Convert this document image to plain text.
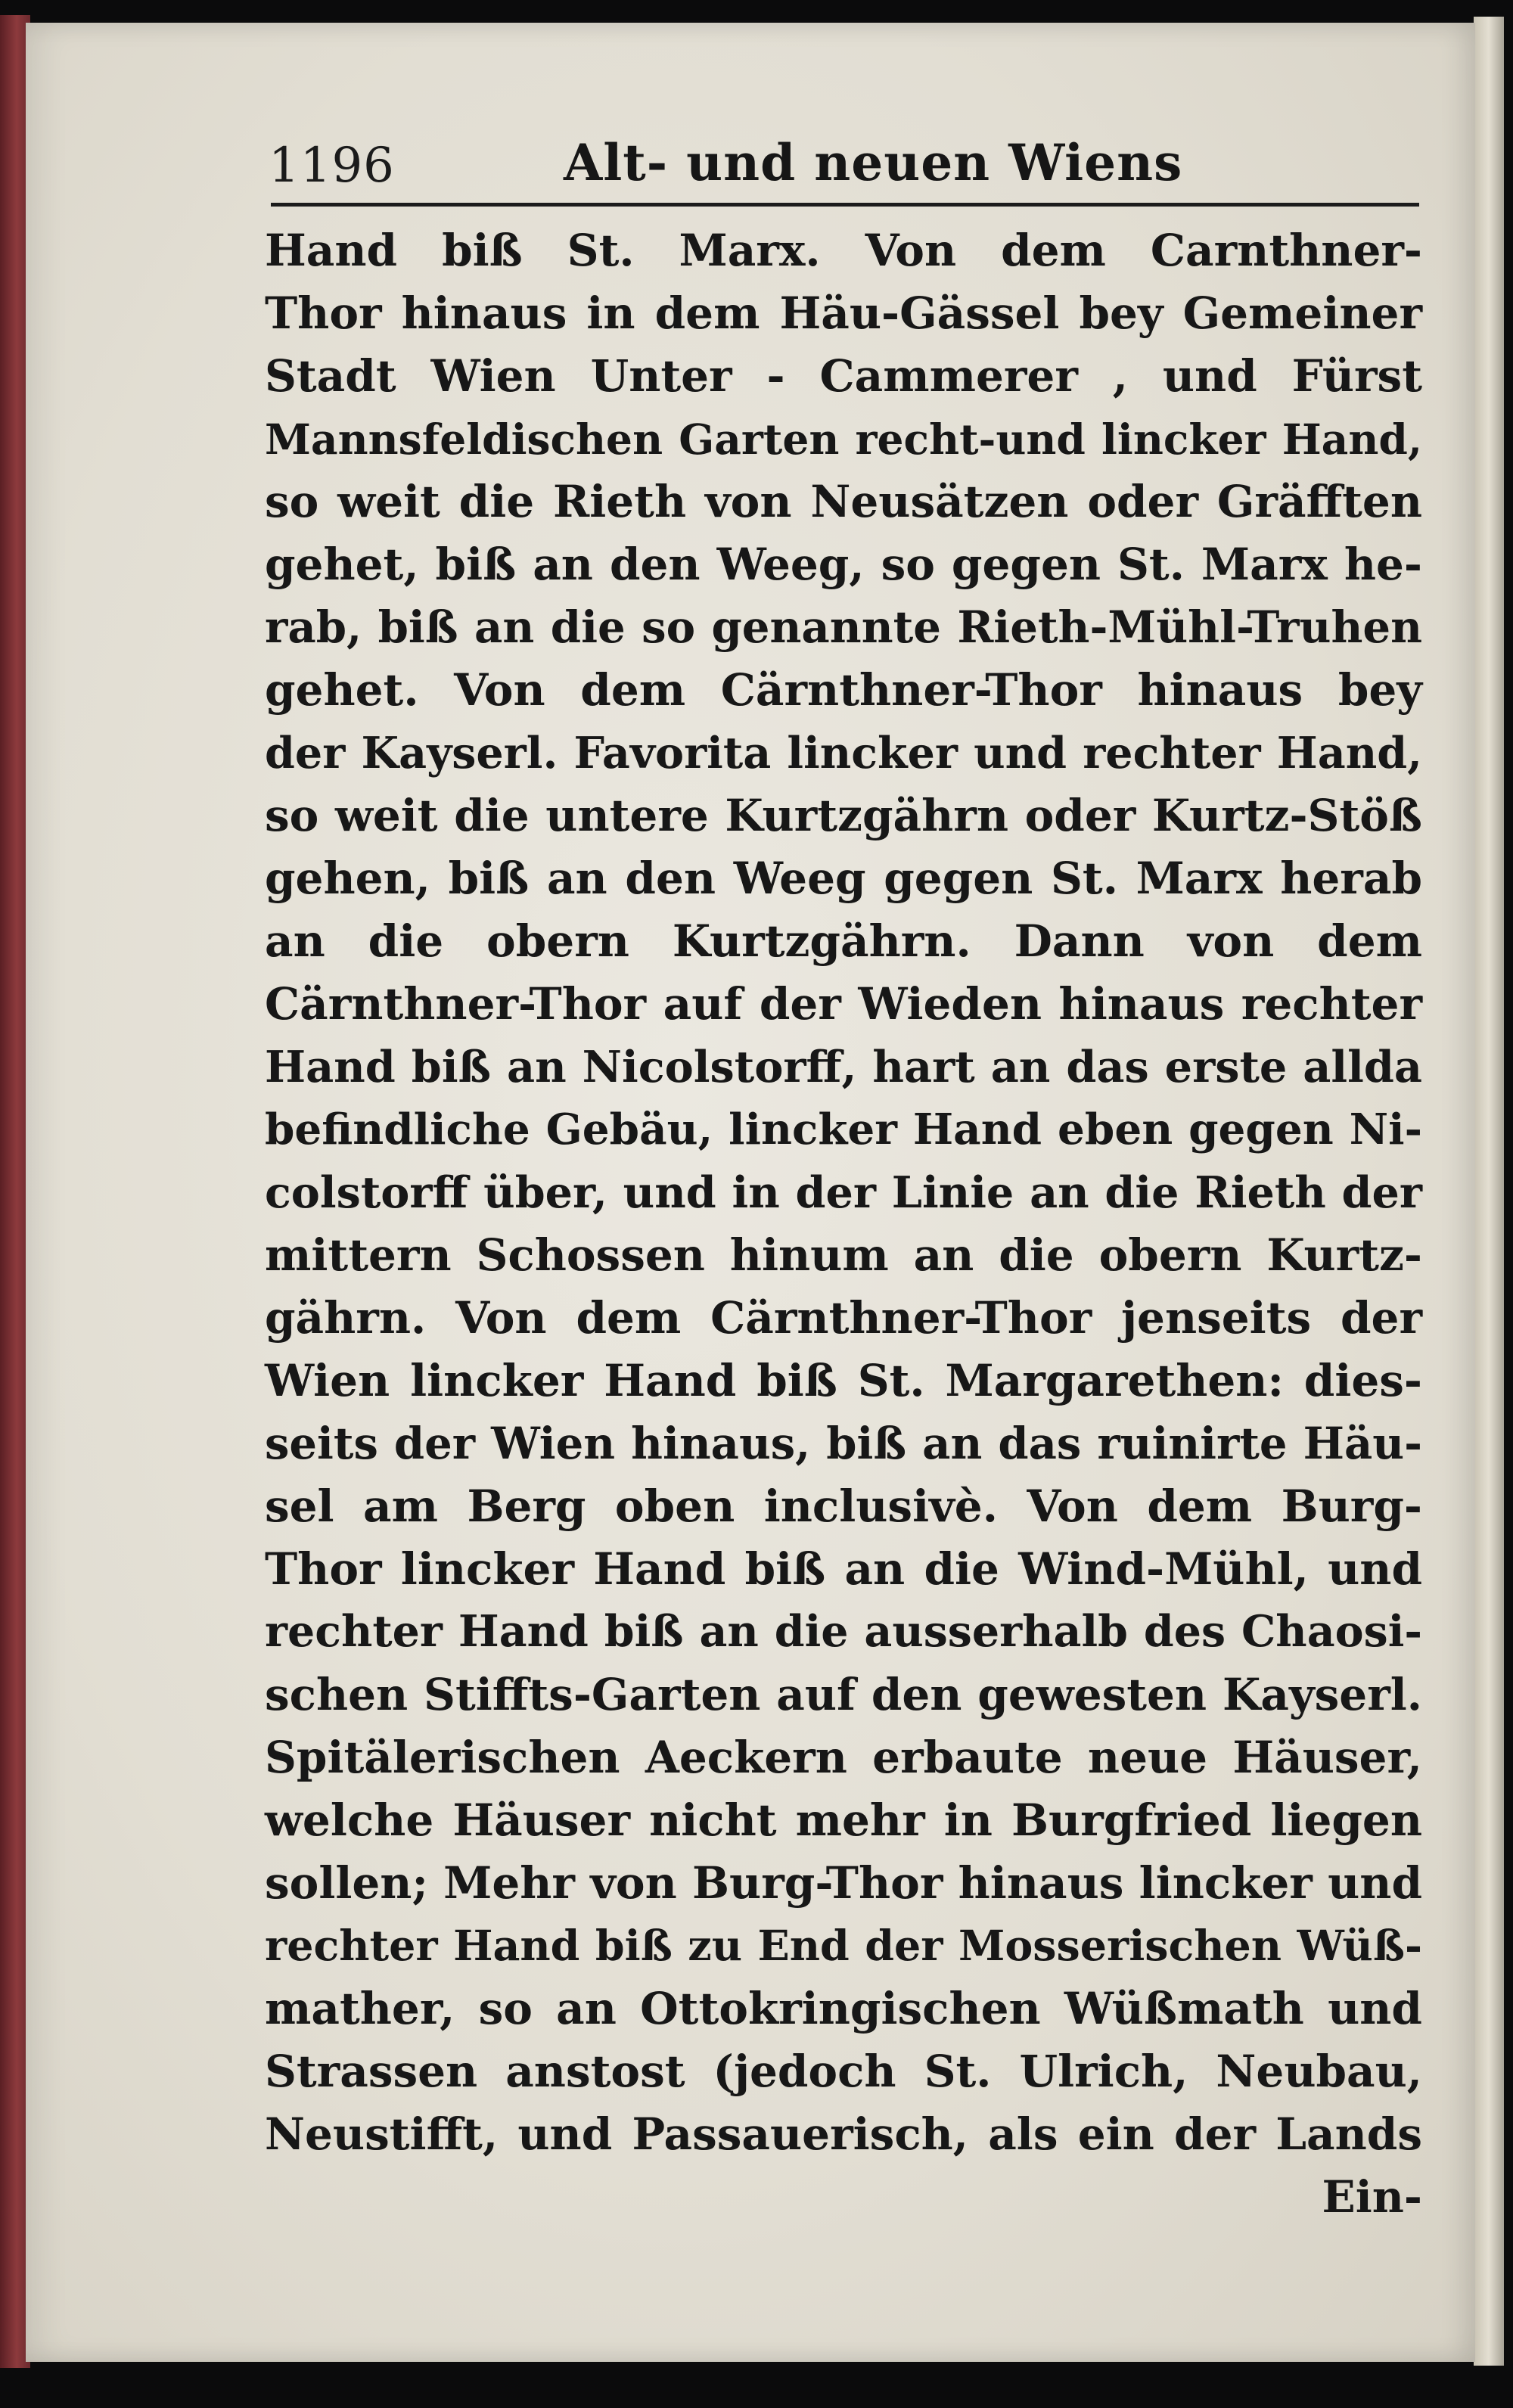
1196	Alt- und neuen Wiens
Hand biß St. Marx. Von dem Carnthner-
Thor hinaus in dem Häu-Gässel bey Gemeiner
Stadt Wien Unter - Cammerer , und Fürst
Mannsfeldischen Garten recht-und lincker Hand,
so weit die Rieth von Neusätzen oder Gräfften
gehet, biß an den Weeg, so gegen St. Marx he-
rab, biß an die so genannte Rieth-Mühl-Truhen
gehet. Von dem Cärnthner-Thor hinaus bey
der Kayserl. Favorita lincker und rechter Hand,
so weit die untere Kurtzgährn oder Kurtz-Stöß
gehen, biß an den Weeg gegen St. Marx herab
an die obern Kurtzgährn. Dann von dem
Cärnthner-Thor auf der Wieden hinaus rechter
Hand biß an Nicolstorff, hart an das erste allda
befindliche Gebäu, lincker Hand eben gegen Ni-
colstorff über, und in der Linie an die Rieth der
mittern Schossen hinum an die obern Kurtz-
gährn. Von dem Cärnthner-Thor jenseits der
Wien lincker Hand biß St. Margarethen: dies-
seits der Wien hinaus, biß an das ruinirte Häu-
sel am Berg oben inclusivè. Von dem Burg-
Thor lincker Hand biß an die Wind-Mühl, und
rechter Hand biß an die ausserhalb des Chaosi-
schen Stiffts-Garten auf den gewesten Kayserl.
Spitälerischen Aeckern erbaute neue Häuser,
welche Häuser nicht mehr in Burgfried liegen
sollen; Mehr von Burg-Thor hinaus lincker und
rechter Hand biß zu End der Mosserischen Wüß-
mather, so an Ottokringischen Wüßmath und
Strassen anstost (jedoch St. Ulrich, Neubau,
Neustifft, und Passauerisch, als ein der Lands
Ein-
